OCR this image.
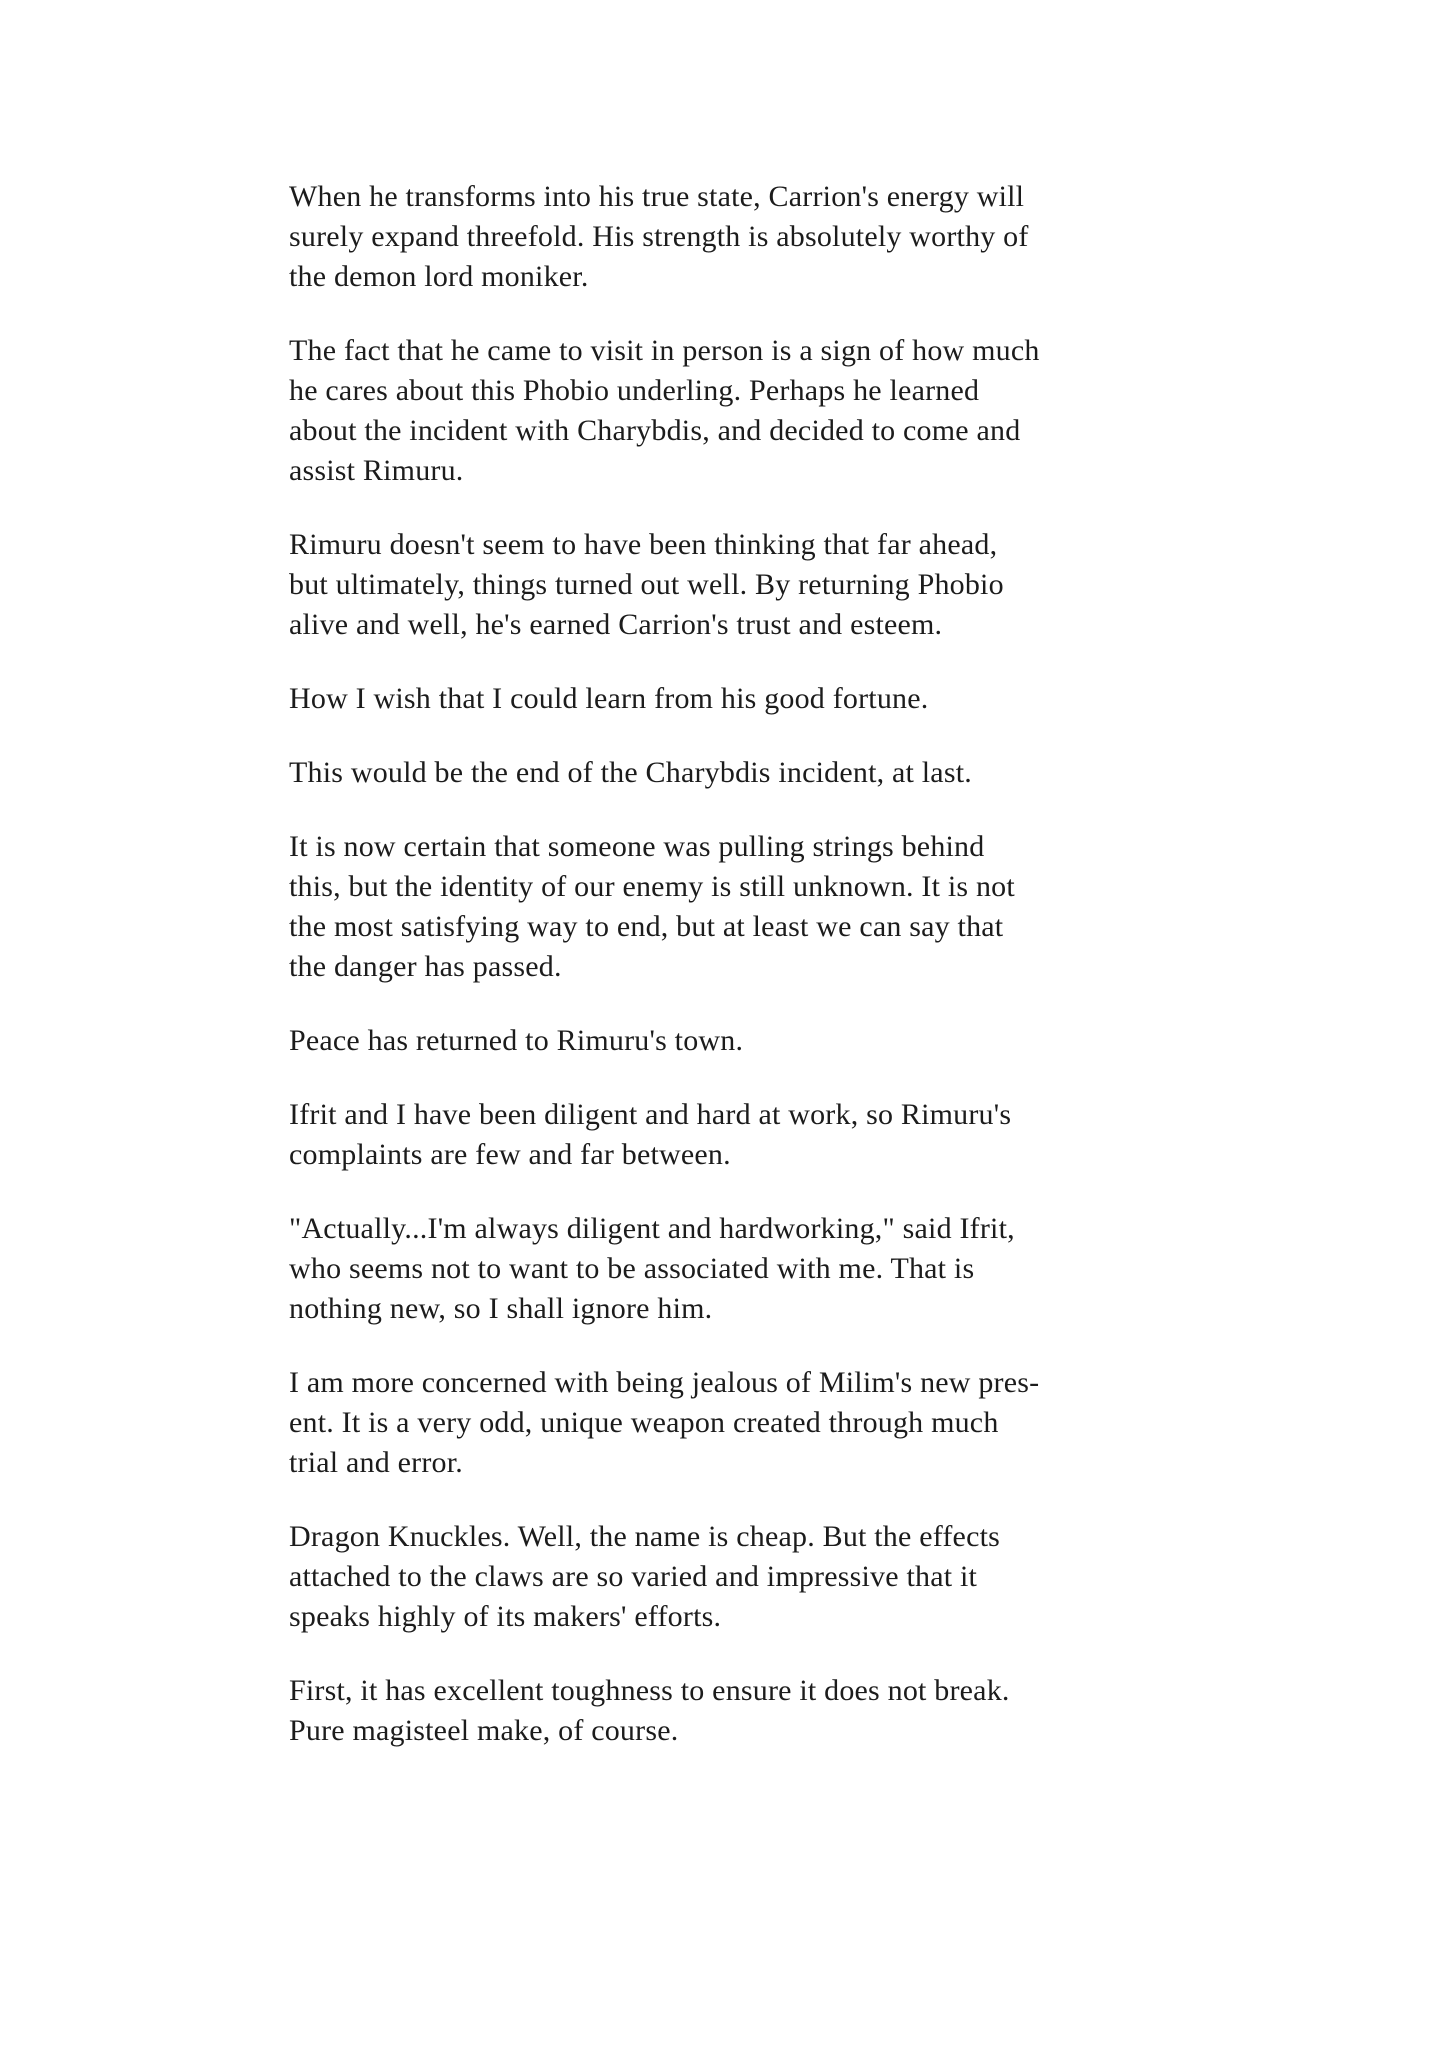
When he transforms into his true state, Carrion's energy will
surely expand threefold. His strength is absolutely worthy of
the demon lord moniker.

The fact that he came to visit in person is a sign of how much
he cares about this Phobio underling. Perhaps he learned
about the incident with Charybdis, and decided to come and
assist Rimuru.

Rimuru doesn't seem to have been thinking that far ahead,
but ultimately, things turned out well. By returning Phobio
alive and well, he's earned Carrion's trust and esteem.

How I wish that I could learn from his good fortune.

This would be the end of the Charybdis incident, at last.

It is now certain that someone was pulling strings behind
this, but the identity of our enemy is still unknown. It is not
the most satisfying way to end, but at least we can say that
the danger has passed.

Peace has returned to Rimuru's town.

Ifrit and I have been diligent and hard at work, so Rimuru's
complaints are few and far between.

"Actually...I'm always diligent and hardworking," said Ifrit,
who seems not to want to be associated with me. That is
nothing new, so I shall ignore him.

I am more concerned with being jealous of Milim's new pres-
ent. It is a very odd, unique weapon created through much
trial and error.

Dragon Knuckles. Well, the name is cheap. But the effects
attached to the claws are so varied and impressive that it
speaks highly of its makers' efforts.

First, it has excellent toughness to ensure it does not break.
Pure magisteel make, of course.
